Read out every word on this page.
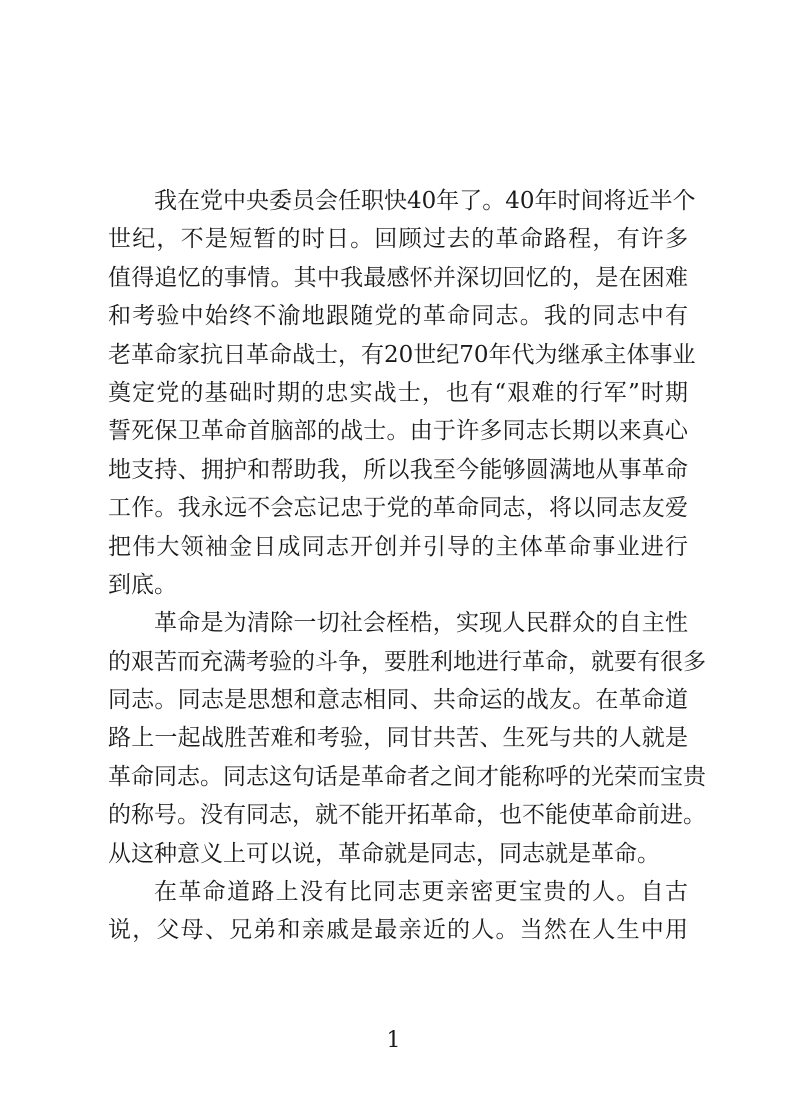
我在党中央委员会任职快40年了。40年时间将近半个
世纪，不是短暂的时日。回顾过去的革命路程，有许多
值得追忆的事情。其中我最感怀并深切回忆的，是在困难
和考验中始终不渝地跟随党的革命同志。我的同志中有
老革命家抗日革命战士，有20世纪70年代为继承主体事业
奠定党的基础时期的忠实战士，也有“艰难的行军”时期
誓死保卫革命首脑部的战士。由于许多同志长期以来真心
地支持、拥护和帮助我，所以我至今能够圆满地从事革命
工作。我永远不会忘记忠于党的革命同志，将以同志友爱
把伟大领袖金日成同志开创并引导的主体革命事业进行
到底。
革命是为清除一切社会桎梏，实现人民群众的自主性
的艰苦而充满考验的斗争，要胜利地进行革命，就要有很多
同志。同志是思想和意志相同、共命运的战友。在革命道
路上一起战胜苦难和考验，同甘共苦、生死与共的人就是
革命同志。同志这句话是革命者之间才能称呼的光荣而宝贵
的称号。没有同志，就不能开拓革命，也不能使革命前进。
从这种意义上可以说，革命就是同志，同志就是革命。
在革命道路上没有比同志更亲密更宝贵的人。自古
说，父母、兄弟和亲戚是最亲近的人。当然在人生中用
1
